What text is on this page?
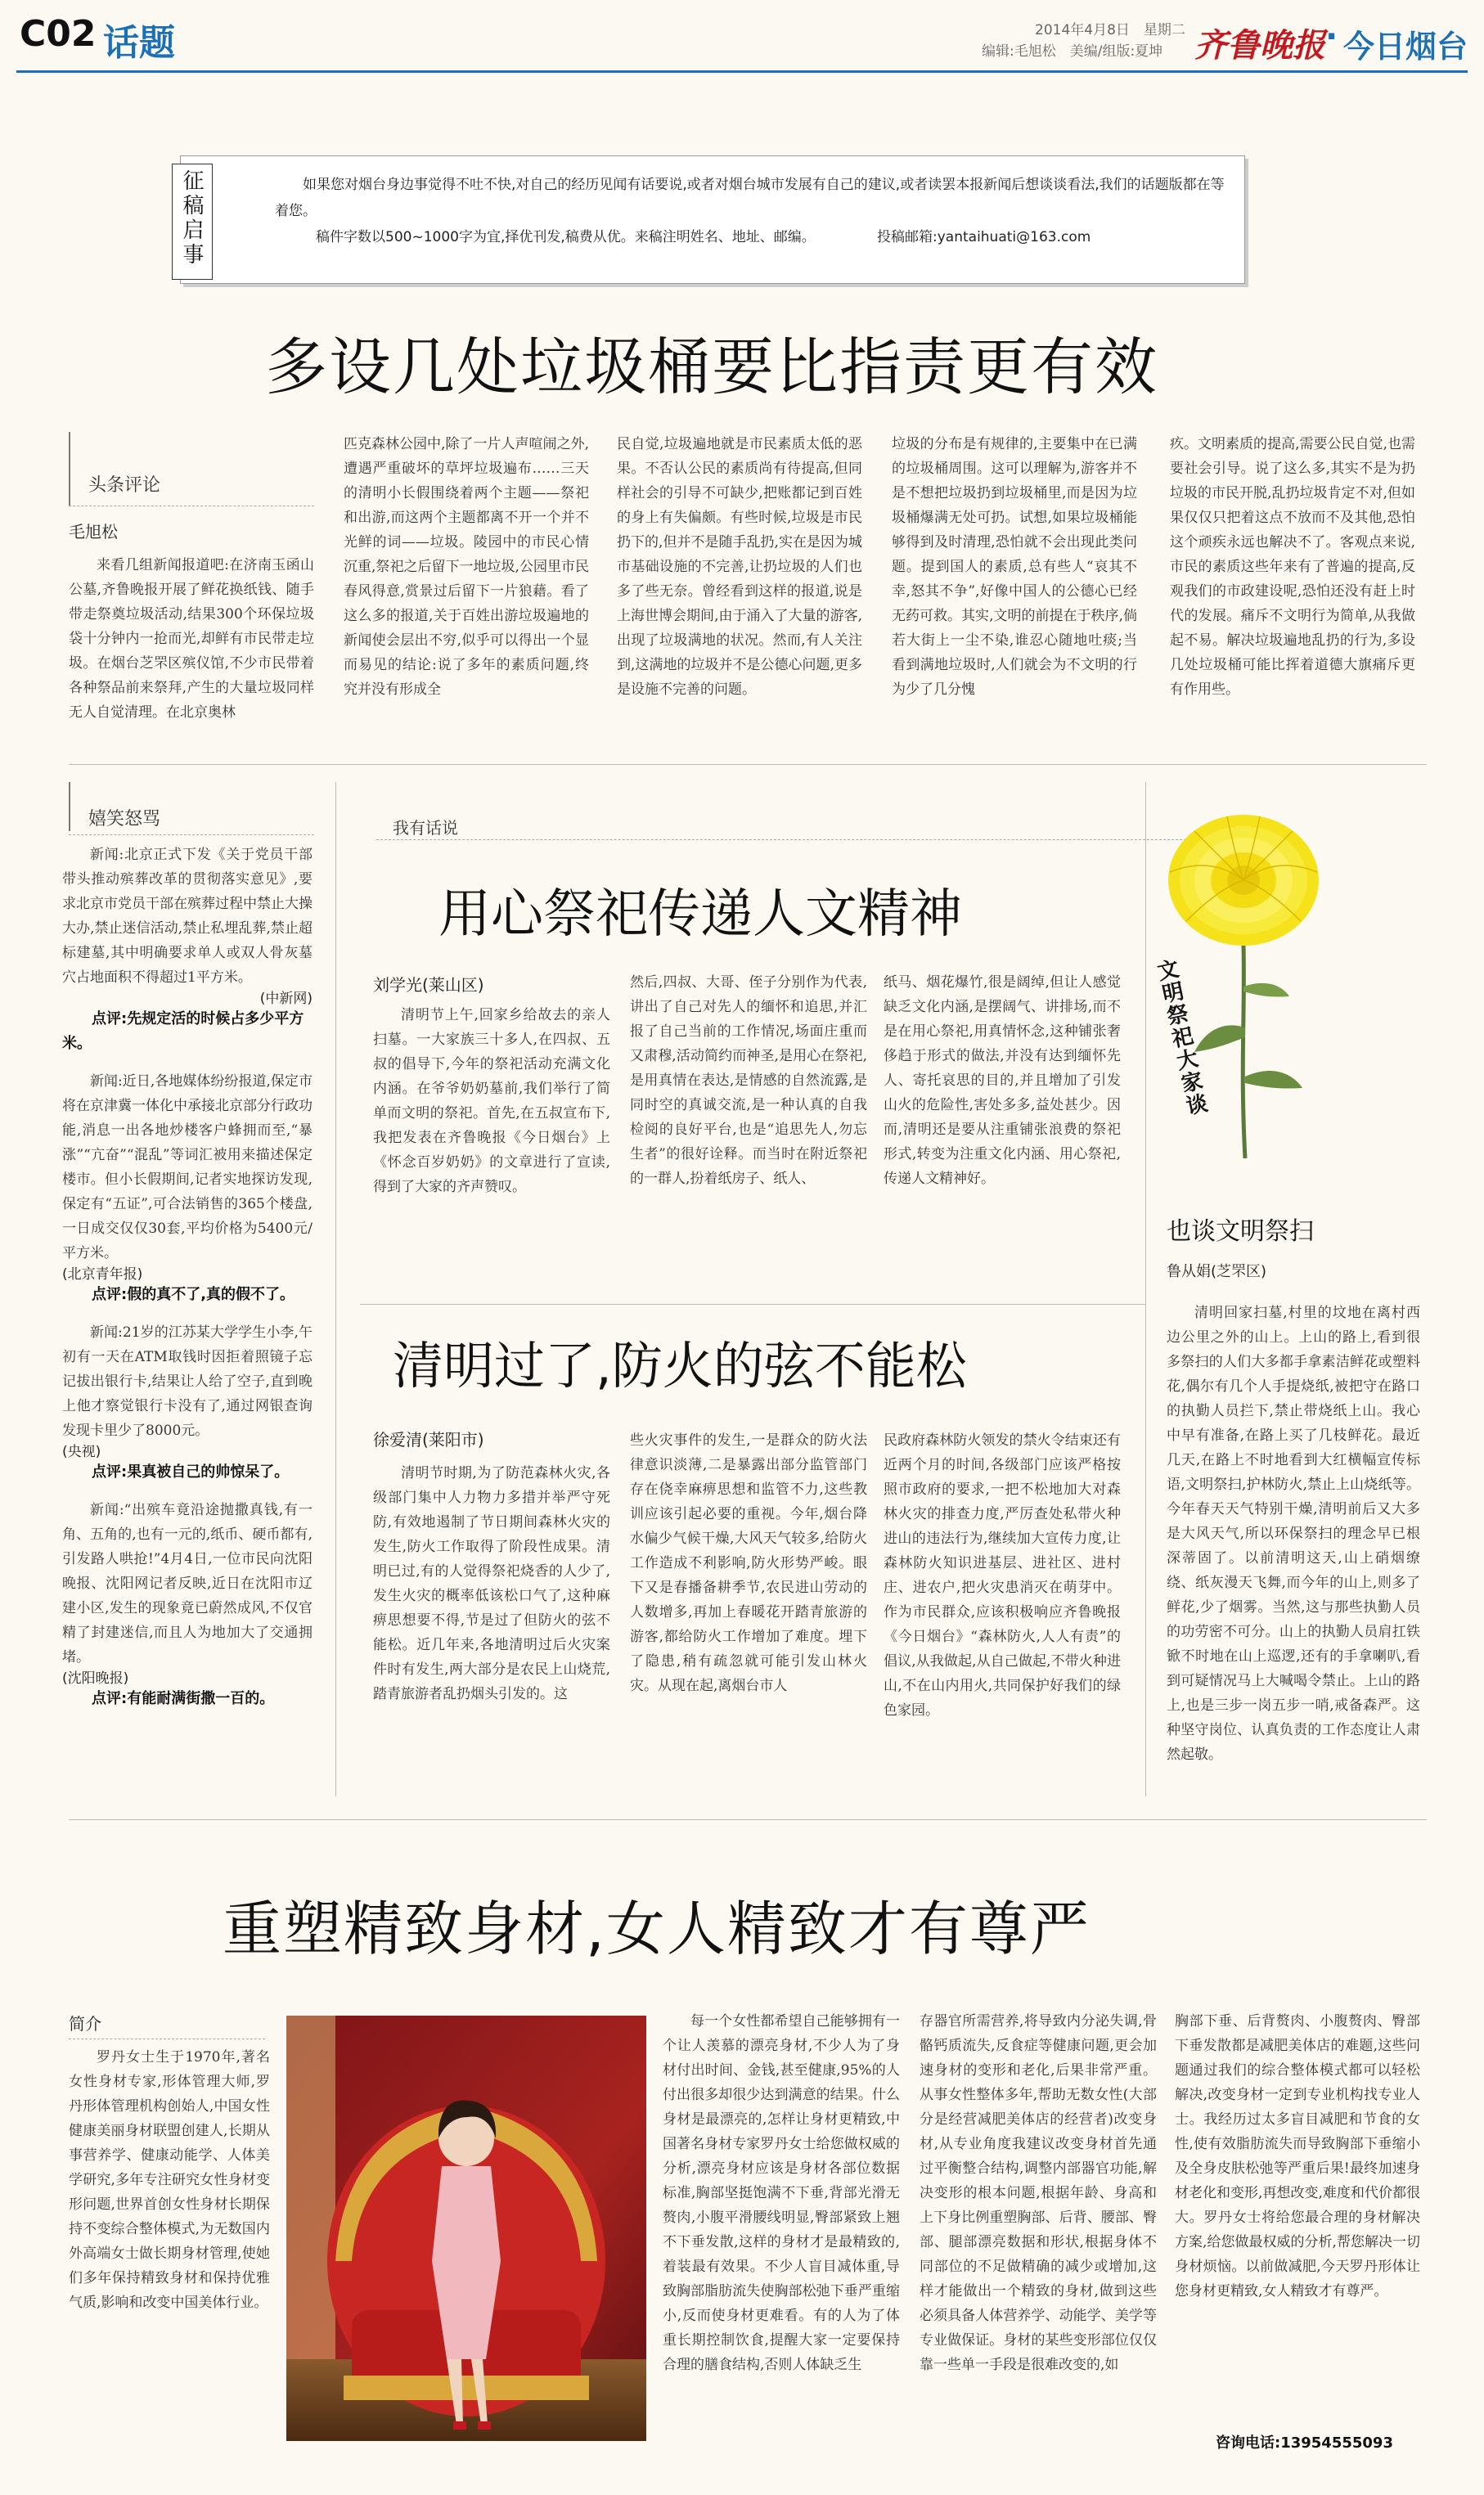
C02 话题	2014年4月8日　星期二
编辑:毛旭松　美编/组版:夏坤 齐鲁晚报 · 今日烟台
征稿启事	如果您对烟台身边事觉得不吐不快,对自己的经历见闻有话要说,或者对烟台城市发展有自己的建议,或者读罢本报新闻后想谈谈看法,我们的话题版都在等着您。
稿件字数以500~1000字为宜,择优刊发,稿费从优。来稿注明姓名、地址、邮编。	投稿邮箱:yantaihuati@163.com
多设几处垃圾桶要比指责更有效
头条评论
毛旭松
来看几组新闻报道吧:在济南玉函山公墓,齐鲁晚报开展了鲜花换纸钱、随手带走祭奠垃圾活动,结果300个环保垃圾袋十分钟内一抢而光,却鲜有市民带走垃圾。在烟台芝罘区殡仪馆,不少市民带着各种祭品前来祭拜,产生的大量垃圾同样无人自觉清理。在北京奥林
匹克森林公园中,除了一片人声喧闹之外,遭遇严重破坏的草坪垃圾遍布……三天的清明小长假围绕着两个主题——祭祀和出游,而这两个主题都离不开一个并不光鲜的词——垃圾。陵园中的市民心情沉重,祭祀之后留下一地垃圾,公园里市民春风得意,赏景过后留下一片狼藉。看了这么多的报道,关于百姓出游垃圾遍地的新闻使会层出不穷,似乎可以得出一个显而易见的结论:说了多年的素质问题,终究并没有形成全
民自觉,垃圾遍地就是市民素质太低的恶果。不否认公民的素质尚有待提高,但同样社会的引导不可缺少,把账都记到百姓的身上有失偏颇。有些时候,垃圾是市民扔下的,但并不是随手乱扔,实在是因为城市基础设施的不完善,让扔垃圾的人们也多了些无奈。曾经看到这样的报道,说是上海世博会期间,由于涌入了大量的游客,出现了垃圾满地的状况。然而,有人关注到,这满地的垃圾并不是公德心问题,更多是设施不完善的问题。
垃圾的分布是有规律的,主要集中在已满的垃圾桶周围。这可以理解为,游客并不是不想把垃圾扔到垃圾桶里,而是因为垃圾桶爆满无处可扔。试想,如果垃圾桶能够得到及时清理,恐怕就不会出现此类问题。提到国人的素质,总有些人“哀其不幸,怒其不争”,好像中国人的公德心已经无药可救。其实,文明的前提在于秩序,倘若大街上一尘不染,谁忍心随地吐痰;当看到满地垃圾时,人们就会为不文明的行为少了几分愧
疚。文明素质的提高,需要公民自觉,也需要社会引导。说了这么多,其实不是为扔垃圾的市民开脱,乱扔垃圾肯定不对,但如果仅仅只把着这点不放而不及其他,恐怕这个顽疾永远也解决不了。客观点来说,市民的素质这些年来有了普遍的提高,反观我们的市政建设呢,恐怕还没有赶上时代的发展。痛斥不文明行为简单,从我做起不易。解决垃圾遍地乱扔的行为,多设几处垃圾桶可能比挥着道德大旗痛斥更有作用些。
嬉笑怒骂
新闻:北京正式下发《关于党员干部带头推动殡葬改革的贯彻落实意见》,要求北京市党员干部在殡葬过程中禁止大操大办,禁止迷信活动,禁止私埋乱葬,禁止超标建墓,其中明确要求单人或双人骨灰墓穴占地面积不得超过1平方米。
(中新网)
点评:先规定活的时候占多少平方米。
新闻:近日,各地媒体纷纷报道,保定市将在京津冀一体化中承接北京部分行政功能,消息一出各地炒楼客户蜂拥而至,“暴涨”“亢奋”“混乱”等词汇被用来描述保定楼市。但小长假期间,记者实地探访发现,保定有“五证”,可合法销售的365个楼盘,一日成交仅仅30套,平均价格为5400元/平方米。
(北京青年报)
点评:假的真不了,真的假不了。
新闻:21岁的江苏某大学学生小李,午初有一天在ATM取钱时因拒着照镜子忘记拔出银行卡,结果让人给了空子,直到晚上他才察觉银行卡没有了,通过网银查询发现卡里少了8000元。
(央视)
点评:果真被自己的帅惊呆了。
新闻:“出殡车竟沿途抛撒真钱,有一角、五角的,也有一元的,纸币、硬币都有,引发路人哄抢!”4月4日,一位市民向沈阳晚报、沈阳网记者反映,近日在沈阳市辽建小区,发生的现象竟已蔚然成风,不仅官精了封建迷信,而且人为地加大了交通拥堵。
(沈阳晚报)
点评:有能耐满街撒一百的。
我有话说
用心祭祀传递人文精神
刘学光(莱山区)
清明节上午,回家乡给故去的亲人扫墓。一大家族三十多人,在四叔、五叔的倡导下,今年的祭祀活动充满文化内涵。在爷爷奶奶墓前,我们举行了简单而文明的祭祀。首先,在五叔宣布下,我把发表在齐鲁晚报《今日烟台》上《怀念百岁奶奶》的文章进行了宣读,得到了大家的齐声赞叹。
然后,四叔、大哥、侄子分别作为代表,讲出了自己对先人的缅怀和追思,并汇报了自己当前的工作情况,场面庄重而又肃穆,活动简约而神圣,是用心在祭祀,是用真情在表达,是情感的自然流露,是同时空的真诚交流,是一种认真的自我检阅的良好平台,也是“追思先人,勿忘生者”的很好诠释。而当时在附近祭祀的一群人,扮着纸房子、纸人、
纸马、烟花爆竹,很是阔绰,但让人感觉缺乏文化内涵,是摆阔气、讲排场,而不是在用心祭祀,用真情怀念,这种铺张奢侈趋于形式的做法,并没有达到缅怀先人、寄托哀思的目的,并且增加了引发山火的危险性,害处多多,益处甚少。因而,清明还是要从注重铺张浪费的祭祀形式,转变为注重文化内涵、用心祭祀,传递人文精神好。
清明过了,防火的弦不能松
徐爱清(莱阳市)
清明节时期,为了防范森林火灾,各级部门集中人力物力多措并举严守死防,有效地遏制了节日期间森林火灾的发生,防火工作取得了阶段性成果。清明已过,有的人觉得祭祀烧香的人少了,发生火灾的概率低该松口气了,这种麻痹思想要不得,节是过了但防火的弦不能松。近几年来,各地清明过后火灾案件时有发生,两大部分是农民上山烧荒,踏青旅游者乱扔烟头引发的。这
些火灾事件的发生,一是群众的防火法律意识淡薄,二是暴露出部分监管部门存在侥幸麻痹思想和监管不力,这些教训应该引起必要的重视。今年,烟台降水偏少气候干燥,大风天气较多,给防火工作造成不利影响,防火形势严峻。眼下又是春播备耕季节,农民进山劳动的人数增多,再加上春暖花开踏青旅游的游客,都给防火工作增加了难度。埋下了隐患,稍有疏忽就可能引发山林火灾。从现在起,离烟台市人
民政府森林防火领发的禁火令结束还有近两个月的时间,各级部门应该严格按照市政府的要求,一把不松地加大对森林火灾的排查力度,严厉查处私带火种进山的违法行为,继续加大宣传力度,让森林防火知识进基层、进社区、进村庄、进农户,把火灾患消灭在萌芽中。作为市民群众,应该积极响应齐鲁晚报《今日烟台》“森林防火,人人有责”的倡议,从我做起,从自己做起,不带火种进山,不在山内用火,共同保护好我们的绿色家园。
文明祭祀大家谈
也谈文明祭扫
鲁从娟(芝罘区)
清明回家扫墓,村里的坟地在离村西边公里之外的山上。上山的路上,看到很多祭扫的人们大多都手拿素洁鲜花或塑料花,偶尔有几个人手提烧纸,被把守在路口的执勤人员拦下,禁止带烧纸上山。我心中早有准备,在路上买了几枝鲜花。最近几天,在路上不时地看到大红横幅宣传标语,文明祭扫,护林防火,禁止上山烧纸等。今年春天天气特别干燥,清明前后又大多是大风天气,所以环保祭扫的理念早已根深蒂固了。以前清明这天,山上硝烟缭绕、纸灰漫天飞舞,而今年的山上,则多了鲜花,少了烟雾。当然,这与那些执勤人员的功劳密不可分。山上的执勤人员肩扛铁锨不时地在山上巡逻,还有的手拿喇叭,看到可疑情况马上大喊喝令禁止。上山的路上,也是三步一岗五步一哨,戒备森严。这种坚守岗位、认真负责的工作态度让人肃然起敬。
重塑精致身材,女人精致才有尊严
简介
罗丹女士生于1970年,著名女性身材专家,形体管理大师,罗丹形体管理机构创始人,中国女性健康美丽身材联盟创建人,长期从事营养学、健康动能学、人体美学研究,多年专注研究女性身材变形问题,世界首创女性身材长期保持不变综合整体模式,为无数国内外高端女士做长期身材管理,使她们多年保持精致身材和保持优雅气质,影响和改变中国美体行业。
每一个女性都希望自己能够拥有一个让人羡慕的漂亮身材,不少人为了身材付出时间、金钱,甚至健康,95%的人付出很多却很少达到满意的结果。什么身材是最漂亮的,怎样让身材更精致,中国著名身材专家罗丹女士给您做权威的分析,漂亮身材应该是身材各部位数据标准,胸部坚挺饱满不下垂,背部光滑无赘肉,小腹平滑腰线明显,臀部紧致上翘不下垂发散,这样的身材才是最精致的,着装最有效果。不少人盲目减体重,导致胸部脂肪流失使胸部松弛下垂严重缩小,反而使身材更难看。有的人为了体重长期控制饮食,提醒大家一定要保持合理的膳食结构,否则人体缺乏生
存器官所需营养,将导致内分泌失调,骨骼钙质流失,反食症等健康问题,更会加速身材的变形和老化,后果非常严重。从事女性整体多年,帮助无数女性(大部分是经营减肥美体店的经营者)改变身材,从专业角度我建议改变身材首先通过平衡整合结构,调整内部器官功能,解决变形的根本问题,根据年龄、身高和上下身比例重塑胸部、后背、腰部、臀部、腿部漂亮数据和形状,根据身体不同部位的不足做精确的减少或增加,这样才能做出一个精致的身材,做到这些必须具备人体营养学、动能学、美学等专业做保证。身材的某些变形部位仅仅靠一些单一手段是很难改变的,如
胸部下垂、后背赘肉、小腹赘肉、臀部下垂发散都是减肥美体店的难题,这些问题通过我们的综合整体模式都可以轻松解决,改变身材一定到专业机构找专业人士。我经历过太多盲目减肥和节食的女性,使有效脂肪流失而导致胸部下垂缩小及全身皮肤松弛等严重后果!最终加速身材老化和变形,再想改变,难度和代价都很大。罗丹女士将给您最合理的身材解决方案,给您做最权威的分析,帮您解决一切身材烦恼。以前做减肥,今天罗丹形体让您身材更精致,女人精致才有尊严。
咨询电话:13954555093
